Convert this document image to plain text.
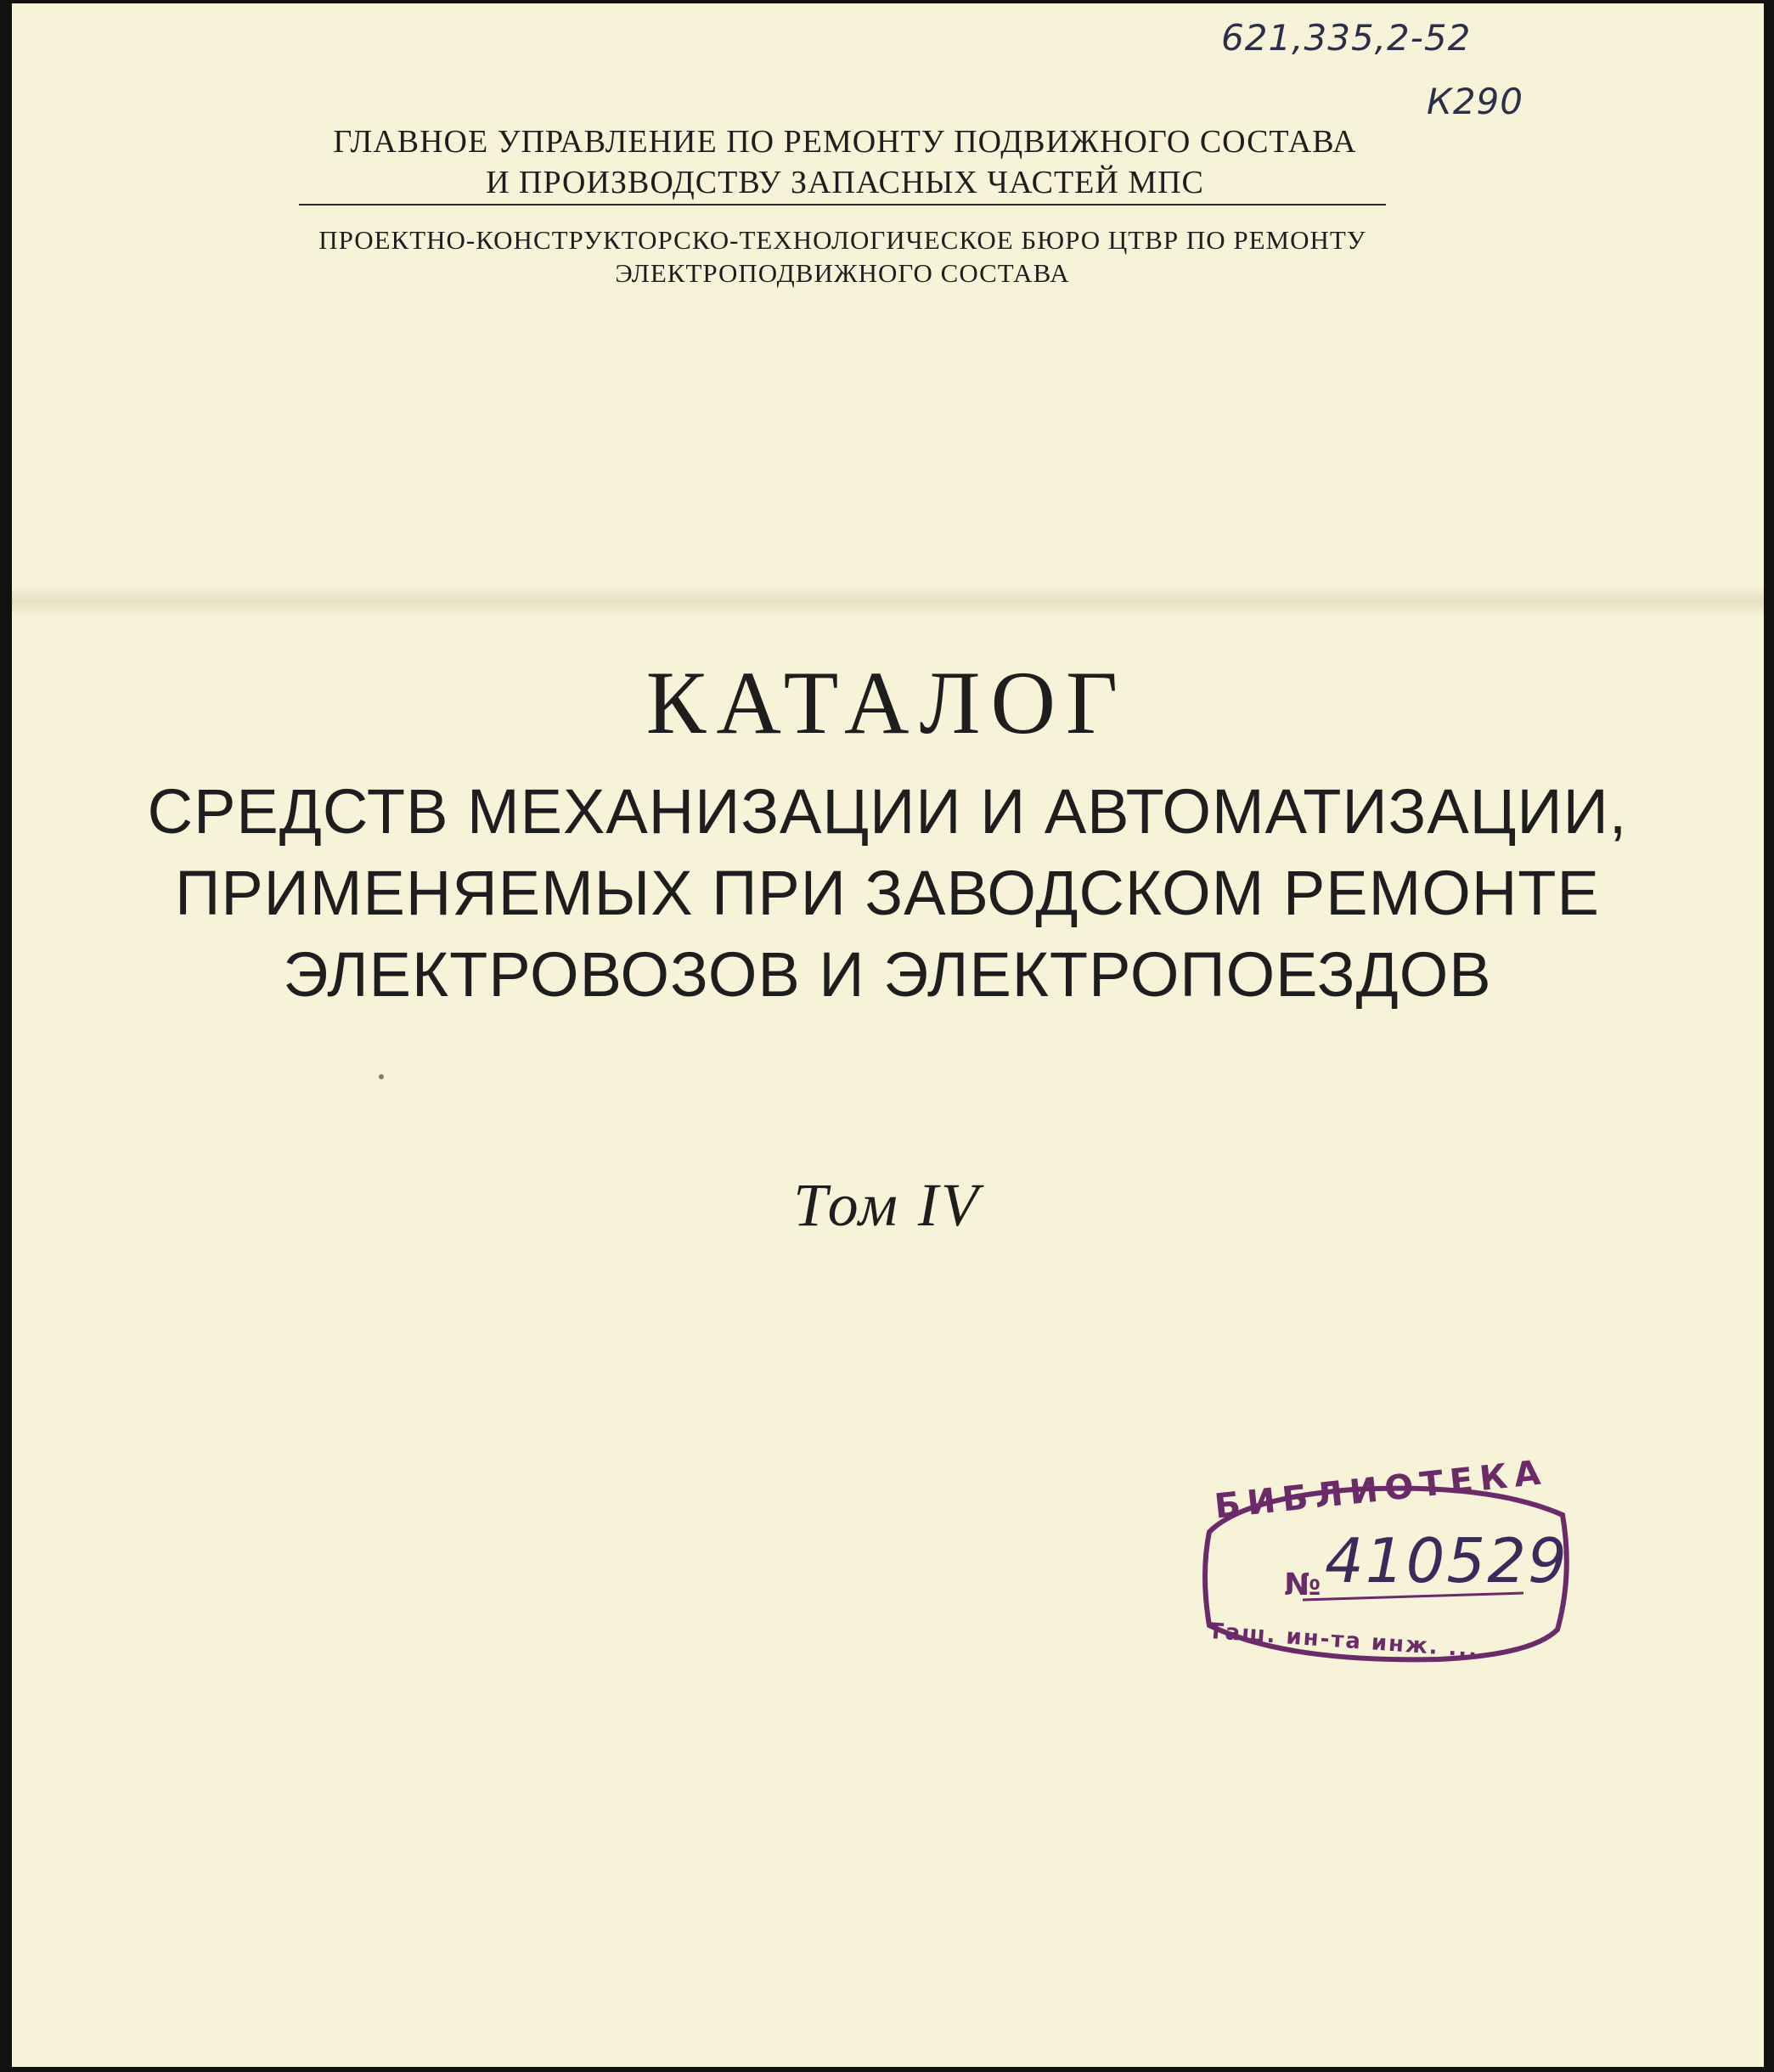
621,335,2-52
К290
ГЛАВНОЕ УПРАВЛЕНИЕ ПО РЕМОНТУ ПОДВИЖНОГО СОСТАВА
И ПРОИЗВОДСТВУ ЗАПАСНЫХ ЧАСТЕЙ МПС
ПРОЕКТНО-КОНСТРУКТОРСКО-ТЕХНОЛОГИЧЕСКОЕ БЮРО ЦТВР ПО РЕМОНТУ
ЭЛЕКТРОПОДВИЖНОГО СОСТАВА
КАТАЛОГ
СРЕДСТВ МЕХАНИЗАЦИИ И АВТОМАТИЗАЦИИ,
ПРИМЕНЯЕМЫХ ПРИ ЗАВОДСКОМ РЕМОНТЕ
ЭЛЕКТРОВОЗОВ И ЭЛЕКТРОПОЕЗДОВ
Том IV
БИБЛИОТЕКА
№ 410529
Таш. ин-та инж. ...
